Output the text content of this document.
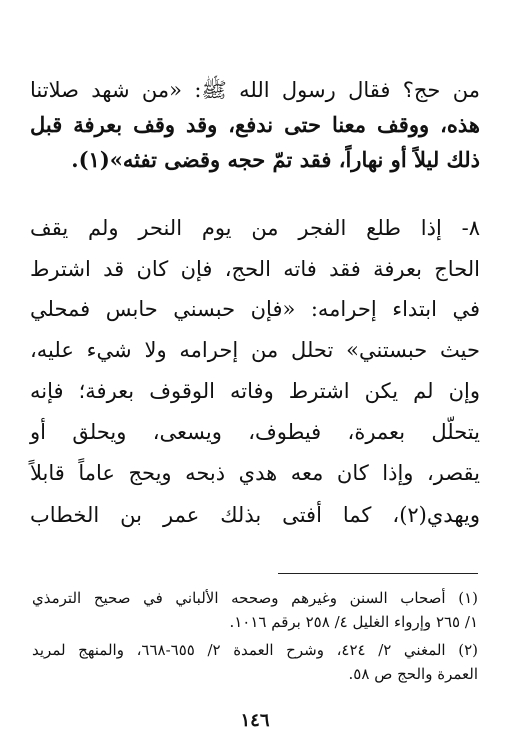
من حج؟ فقال رسول الله ﷺ: «من شهد صلاتنا
هذه، ووقف معنا حتى ندفع، وقد وقف بعرفة قبل
ذلك ليلاً أو نهاراً، فقد تمّ حجه وقضى تفثه»(١).
٨- إذا طلع الفجر من يوم النحر ولم يقف
الحاج بعرفة فقد فاته الحج، فإن كان قد اشترط
في ابتداء إحرامه: «فإن حبسني حابس فمحلي
حيث حبستني» تحلل من إحرامه ولا شيء عليه،
وإن لم يكن اشترط وفاته الوقوف بعرفة؛ فإنه
يتحلّل بعمرة، فيطوف، ويسعى، ويحلق أو
يقصر، وإذا كان معه هدي ذبحه ويحج عاماً قابلاً
ويهدي(٢)، كما أفتى بذلك عمر بن الخطاب
(١) أصحاب السنن وغيرهم وصححه الألباني في صحيح الترمذي
١/ ٢٦٥ وإرواء الغليل ٤/ ٢٥٨ برقم ١٠١٦.
(٢) المغني ٢/ ٤٢٤، وشرح العمدة ٢/ ٦٥٥-٦٦٨، والمنهج لمريد
العمرة والحج ص ٥٨.
١٤٦
